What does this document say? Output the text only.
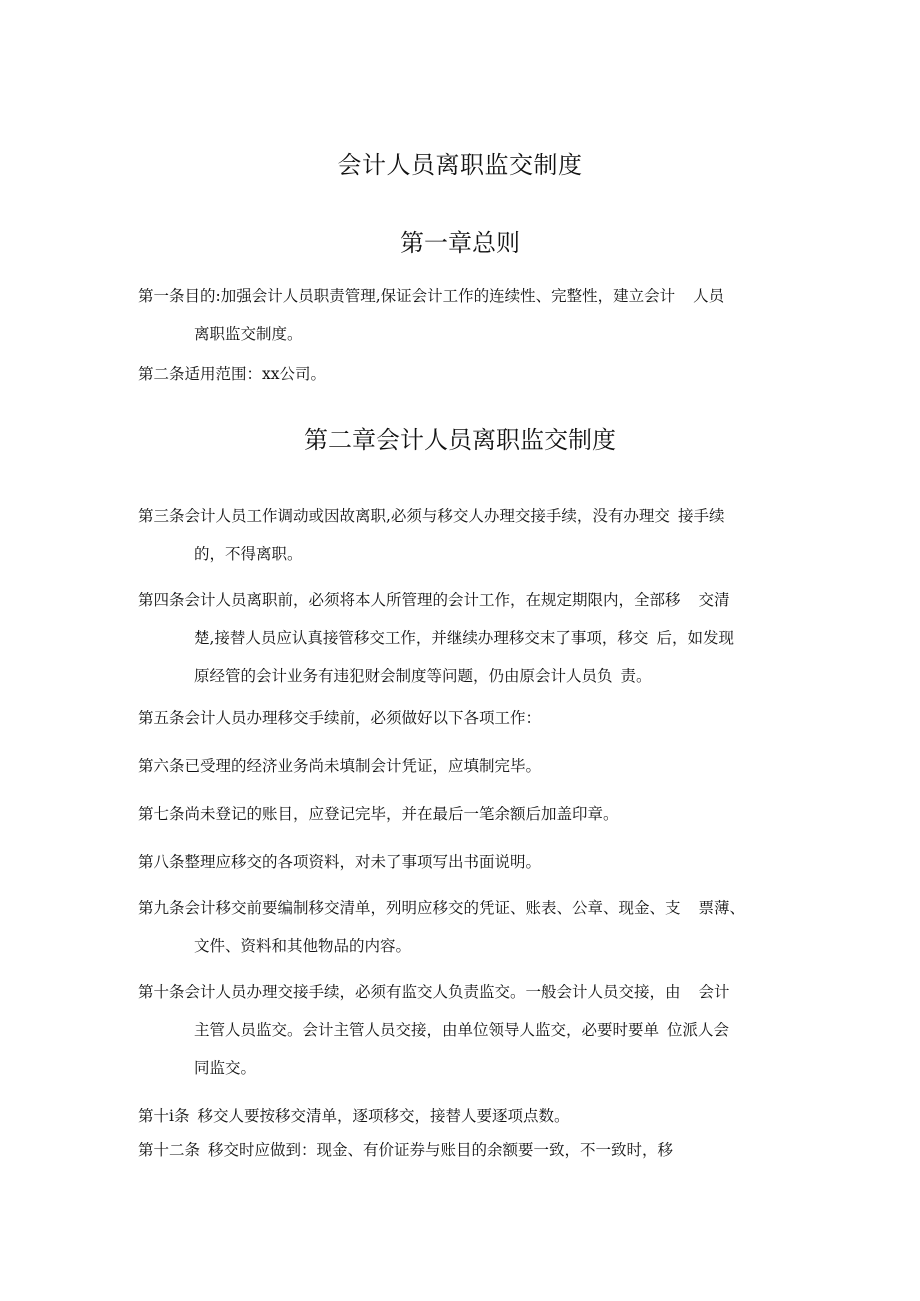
会计人员离职监交制度
第一章总则

第一条目的:加强会计人员职责管理,保证会计工作的连续性、完整性，建立会计 人员
离职监交制度。

第二条适用范围：xx公司。

第二章会计人员离职监交制度

第三条会计人员工作调动或因故离职,必须与移交人办理交接手续，没有办理交 接手续
的，不得离职。

第四条会计人员离职前，必须将本人所管理的会计工作，在规定期限内，全部移 交清
楚,接替人员应认真接管移交工作，并继续办理移交末了事项，移交 后，如发现
原经管的会计业务有违犯财会制度等问题，仍由原会计人员负 责。

第五条会计人员办理移交手续前，必须做好以下各项工作：

第六条已受理的经济业务尚未填制会计凭证，应填制完毕。

第七条尚未登记的账目，应登记完毕，并在最后一笔余额后加盖印章。

第八条整理应移交的各项资料，对未了事项写出书面说明。

第九条会计移交前要编制移交清单，列明应移交的凭证、账表、公章、现金、支 票薄、
文件、资料和其他物品的内容。

第十条会计人员办理交接手续，必须有监交人负责监交。一般会计人员交接，由 会计
主管人员监交。会计主管人员交接，由单位领导人监交，必要时要单 位派人会
同监交。

第十i条 移交人要按移交清单，逐项移交，接替人要逐项点数。

第十二条 移交时应做到：现金、有价证券与账目的余额要一致，不一致时，移
